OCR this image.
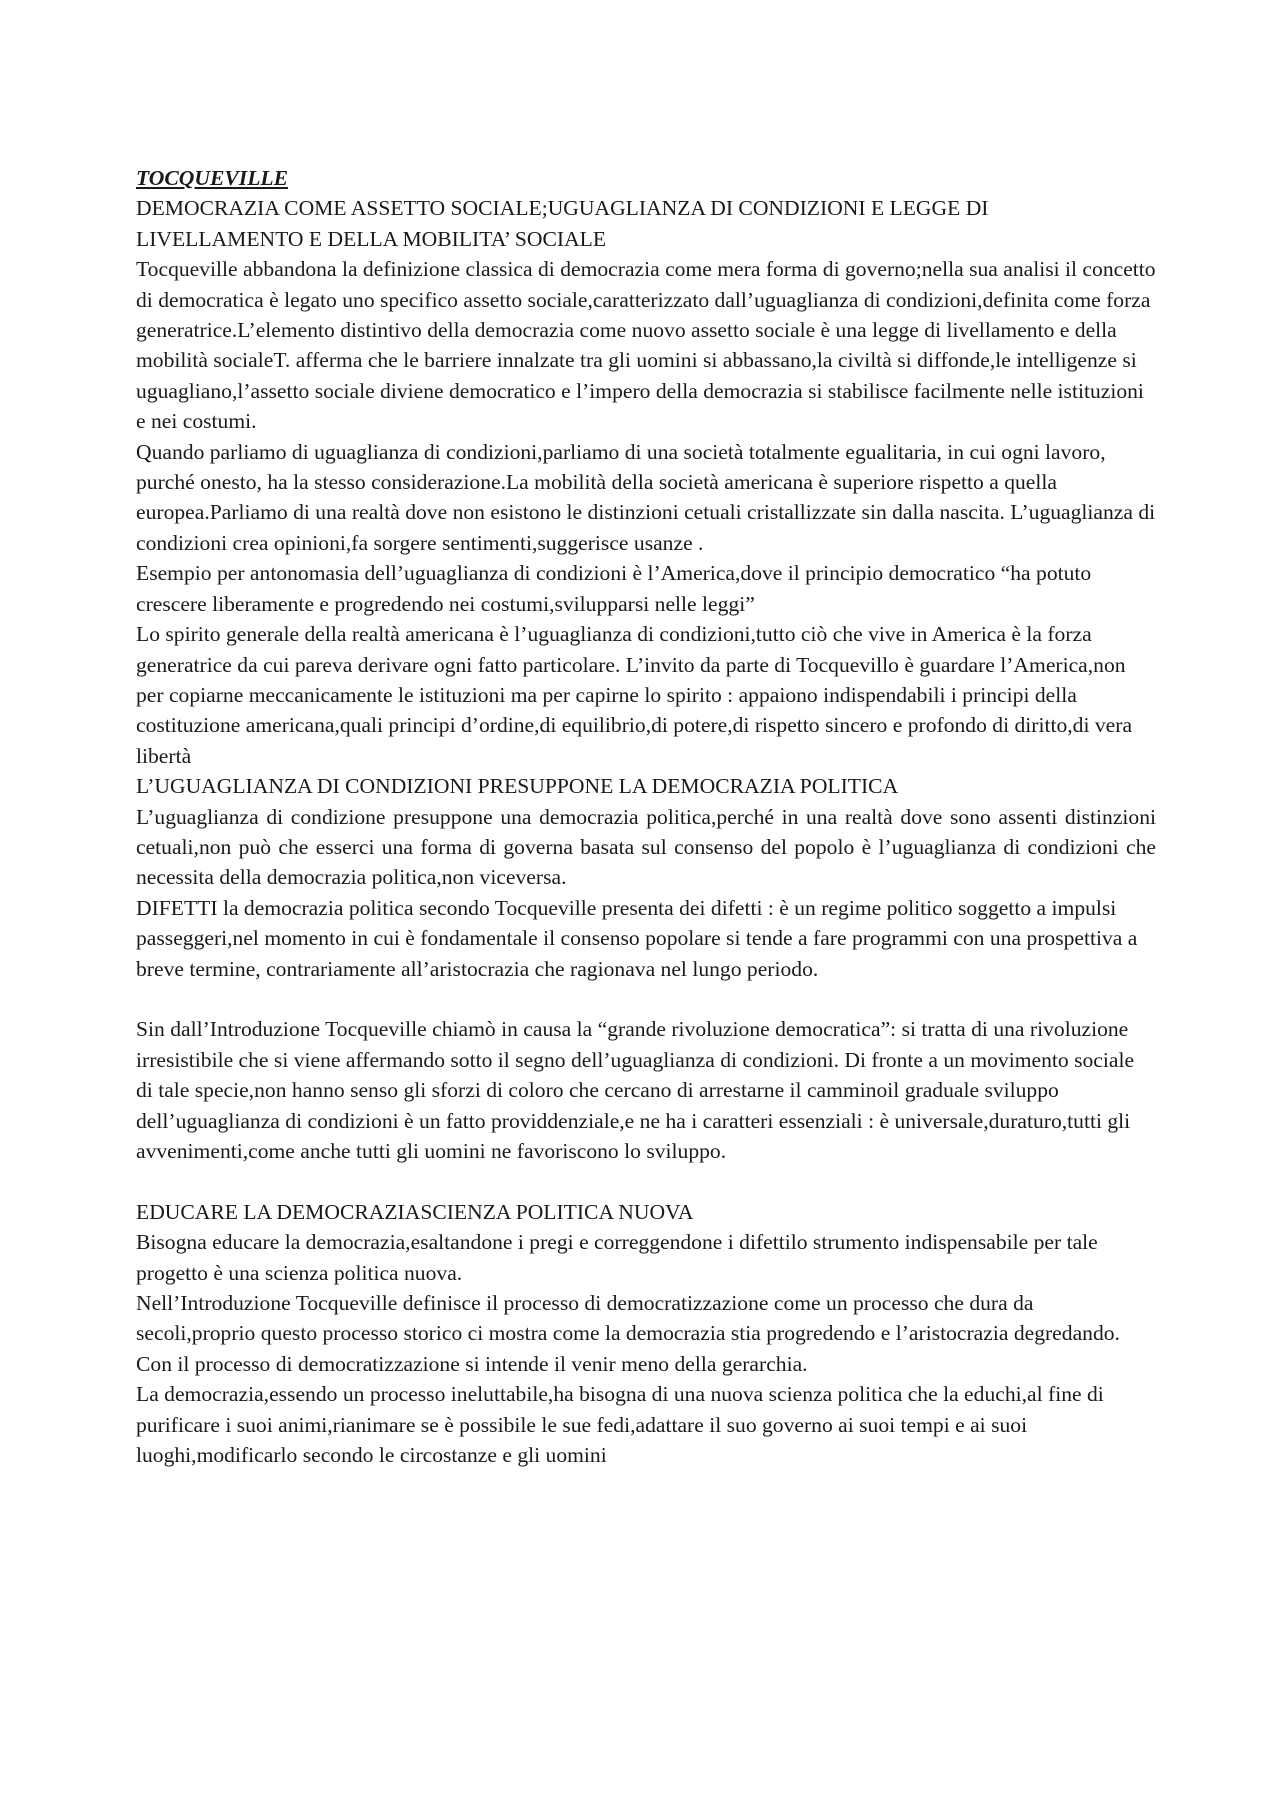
TOCQUEVILLE
DEMOCRAZIA COME ASSETTO SOCIALE;UGUAGLIANZA DI CONDIZIONI E LEGGE DI LIVELLAMENTO E DELLA MOBILITA’ SOCIALE

Tocqueville abbandona la definizione classica di democrazia come mera forma di governo;nella sua analisi il concetto di democratica è legato uno specifico assetto sociale,caratterizzato dall’uguaglianza di condizioni,definita come forza generatrice.L’elemento distintivo della democrazia come nuovo assetto sociale è una legge di livellamento e della mobilità socialeT. afferma che le barriere innalzate tra gli uomini si abbassano,la civiltà si diffonde,le intelligenze si uguagliano,l’assetto sociale diviene democratico e l’impero della democrazia si stabilisce facilmente nelle istituzioni e nei costumi.

Quando parliamo di uguaglianza di condizioni,parliamo di una società totalmente egualitaria, in cui ogni lavoro, purché onesto, ha la stesso considerazione.La mobilità della società americana è superiore rispetto a quella europea.Parliamo di una realtà dove non esistono le distinzioni cetuali cristallizzate sin dalla nascita. L’uguaglianza di condizioni crea opinioni,fa sorgere sentimenti,suggerisce usanze .

Esempio per antonomasia dell’uguaglianza di condizioni è l’America,dove il principio democratico “ha potuto crescere liberamente e progredendo nei costumi,svilupparsi nelle leggi”

Lo spirito generale della realtà americana è l’uguaglianza di condizioni,tutto ciò che vive in America è la forza generatrice da cui pareva derivare ogni fatto particolare. L’invito da parte di Tocquevillo è guardare l’America,non per copiarne meccanicamente le istituzioni ma per capirne lo spirito : appaiono indispendabili i principi della costituzione americana,quali principi d’ordine,di equilibrio,di potere,di rispetto sincero e profondo di diritto,di vera libertà

L’UGUAGLIANZA DI CONDIZIONI PRESUPPONE LA DEMOCRAZIA POLITICA

L’uguaglianza di condizione presuppone una democrazia politica,perché in una realtà dove sono assenti distinzioni cetuali,non può che esserci una forma di governa basata sul consenso del popolo è l’uguaglianza di condizioni che necessita della democrazia politica,non viceversa.

DIFETTI la democrazia politica secondo Tocqueville presenta dei difetti : è un regime politico soggetto a impulsi passeggeri,nel momento in cui è fondamentale il consenso popolare si tende a fare programmi con una prospettiva a breve termine, contrariamente all’aristocrazia che ragionava nel lungo periodo.

Sin dall’Introduzione Tocqueville chiamò in causa la “grande rivoluzione democratica”: si tratta di una rivoluzione irresistibile che si viene affermando sotto il segno dell’uguaglianza di condizioni. Di fronte a un movimento sociale di tale specie,non hanno senso gli sforzi di coloro che cercano di arrestarne il camminoil graduale sviluppo dell’uguaglianza di condizioni è un fatto providdenziale,e ne ha i caratteri essenziali : è universale,duraturo,tutti gli avvenimenti,come anche tutti gli uomini ne favoriscono lo sviluppo.

EDUCARE LA DEMOCRAZIASCIENZA POLITICA NUOVA

Bisogna educare la democrazia,esaltandone i pregi e correggendone i difettilo strumento indispensabile per tale progetto è una scienza politica nuova.

Nell’Introduzione Tocqueville definisce il processo di democratizzazione come un processo che dura da secoli,proprio questo processo storico ci mostra come la democrazia stia progredendo e l’aristocrazia degredando. Con il processo di democratizzazione si intende il venir meno della gerarchia.

La democrazia,essendo un processo ineluttabile,ha bisogna di una nuova scienza politica che la educhi,al fine di purificare i suoi animi,rianimare se è possibile le sue fedi,adattare il suo governo ai suoi tempi e ai suoi luoghi,modificarlo secondo le circostanze e gli uomini
